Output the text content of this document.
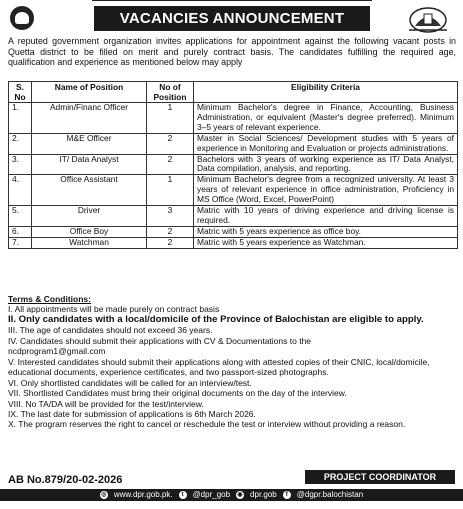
VACANCIES ANNOUNCEMENT
A reputed government organization invites applications for appointment against the following vacant posts in Quetta district to be filled on merit and purely contract basis. The candidates fulfilling the required age, qualification and experience as mentioned below may apply
S. No	Name of Position	No of Position	Eligibility Criteria
1.	Admin/Financ Officer	1	Minimum Bachelor's degree in Finance, Accounting, Business Administration, or equivalent (Master's degree preferred). Minimum 3–5 years of relevant experience.
2.	M&E Officer	2	Master in Social Sciences/ Development studies with 5 years of experience in Monitoring and Evaluation or projects administrations.
3.	IT/ Data Analyst	2	Bachelors with 3 years of working experience as IT/ Data Analyst, Data compilation, analysis, and reporting.
4.	Office Assistant	1	Minimum Bachelor's degree from a recognized university. At least 3 years of relevant experience in office administration, Proficiency in MS Office (Word, Excel, PowerPoint)
5.	Driver	3	Matric with 10 years of driving experience and driving license is required.
6.	Office Boy	2	Matric with 5 years experience as office boy.
7.	Watchman	2	Matric with 5 years experience as Watchman.
Terms & Conditions:
I. All appointments will be made purely on contract basis
II. Only candidates with a local/domicile of the Province of Balochistan are eligible to apply.
III. The age of candidates should not exceed 36 years.
IV. Candidates should submit their applications with CV & Documentations to the
ncdprogram1@gmail.com
V. Interested candidates should submit their applications along with attested copies of their CNIC, local/domicile, educational documents, experience certificates, and two passport-sized photographs.
VI. Only shortlisted candidates will be called for an interview/test.
VII. Shortlisted Candidates must bring their original documents on the day of the interview.
VIII. No TA/DA will be provided for the test/interview.
IX. The last date for submission of applications is 6th March 2026.
X. The program reserves the right to cancel or reschedule the test or interview without providing a reason.
AB No.879/20-02-2026	PROJECT COORDINATOR
◎ www.dpr.gob.pk.	t	@dpr_gob ◉ dpr.gob	f	@dgpr.balochistan
